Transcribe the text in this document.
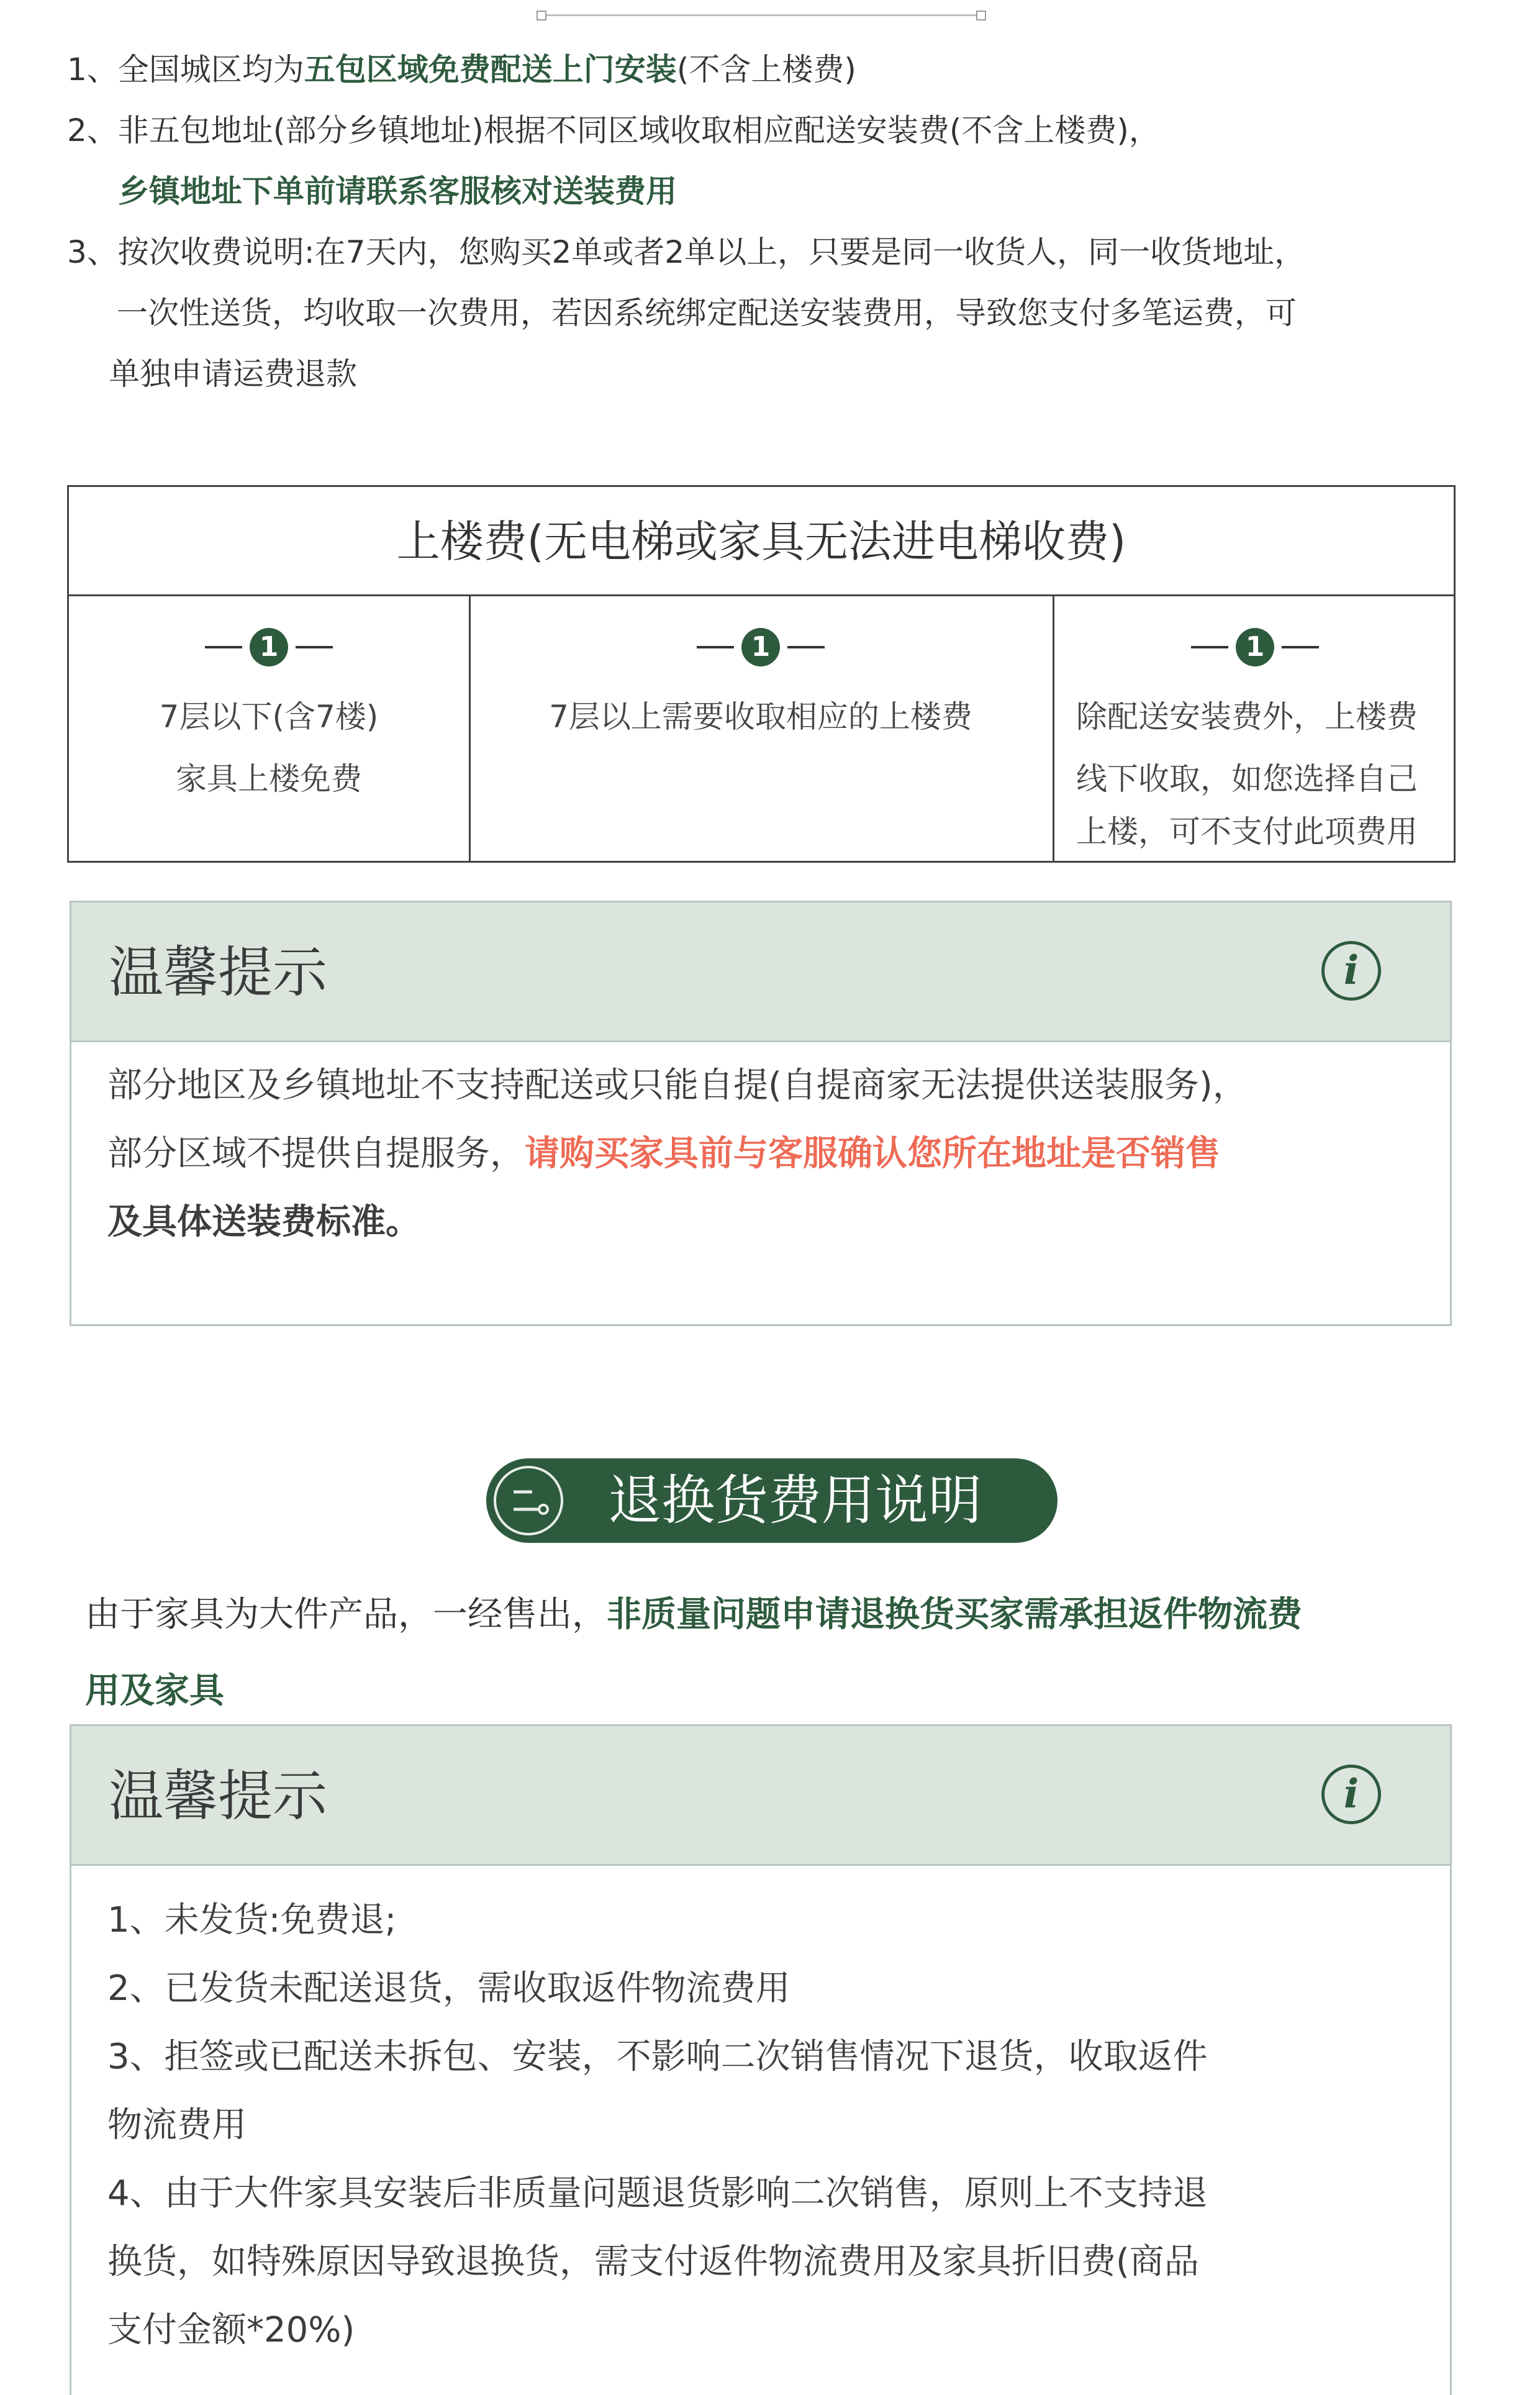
1、全国城区均为五包区域免费配送上门安装(不含上楼费)
2、非五包地址(部分乡镇地址)根据不同区域收取相应配送安装费(不含上楼费)，
乡镇地址下单前请联系客服核对送装费用
3、按次收费说明:在7天内，您购买2单或者2单以上，只要是同一收货人，同一收货地址，
一次性送货，均收取一次费用，若因系统绑定配送安装费用，导致您支付多笔运费，可
单独申请运费退款
上楼费(无电梯或家具无法进电梯收费)
1
7层以下(含7楼)
家具上楼免费
1
7层以上需要收取相应的上楼费
1
除配送安装费外，上楼费
线下收取，如您选择自己
上楼，可不支付此项费用
温馨提示	i
部分地区及乡镇地址不支持配送或只能自提(自提商家无法提供送装服务)，
部分区域不提供自提服务，请购买家具前与客服确认您所在地址是否销售
及具体送装费标准。
退换货费用说明
由于家具为大件产品，一经售出，非质量问题申请退换货买家需承担返件物流费
用及家具
温馨提示	i
1、未发货:免费退;
2、已发货未配送退货，需收取返件物流费用
3、拒签或已配送未拆包、安装，不影响二次销售情况下退货，收取返件
物流费用
4、由于大件家具安装后非质量问题退货影响二次销售，原则上不支持退
换货，如特殊原因导致退换货，需支付返件物流费用及家具折旧费(商品
支付金额*20%)
